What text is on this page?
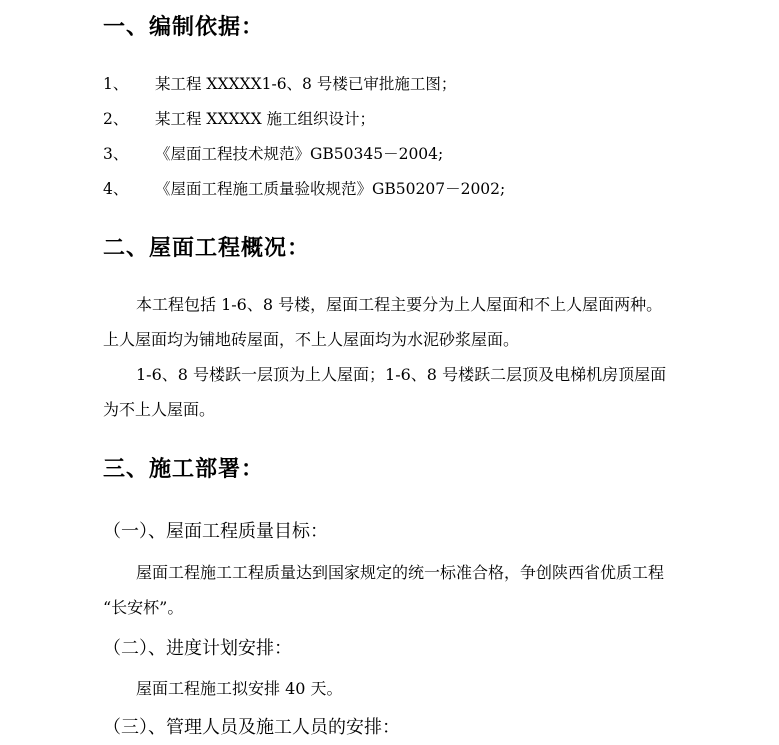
一、编制依据：
1、 某工程 XXXXX1-6、8 号楼已审批施工图；
2、 某工程 XXXXX 施工组织设计；
3、 《屋面工程技术规范》GB50345－2004;
4、 《屋面工程施工质量验收规范》GB50207－2002;
二、屋面工程概况：
本工程包括 1-6、8 号楼，屋面工程主要分为上人屋面和不上人屋面两种。
上人屋面均为铺地砖屋面，不上人屋面均为水泥砂浆屋面。
1-6、8 号楼跃一层顶为上人屋面；1-6、8 号楼跃二层顶及电梯机房顶屋面
为不上人屋面。
三、施工部署：
（一）、屋面工程质量目标：
屋面工程施工工程质量达到国家规定的统一标准合格，争创陕西省优质工程
“长安杯”。
（二）、进度计划安排：
屋面工程施工拟安排 40 天。
（三）、管理人员及施工人员的安排：
